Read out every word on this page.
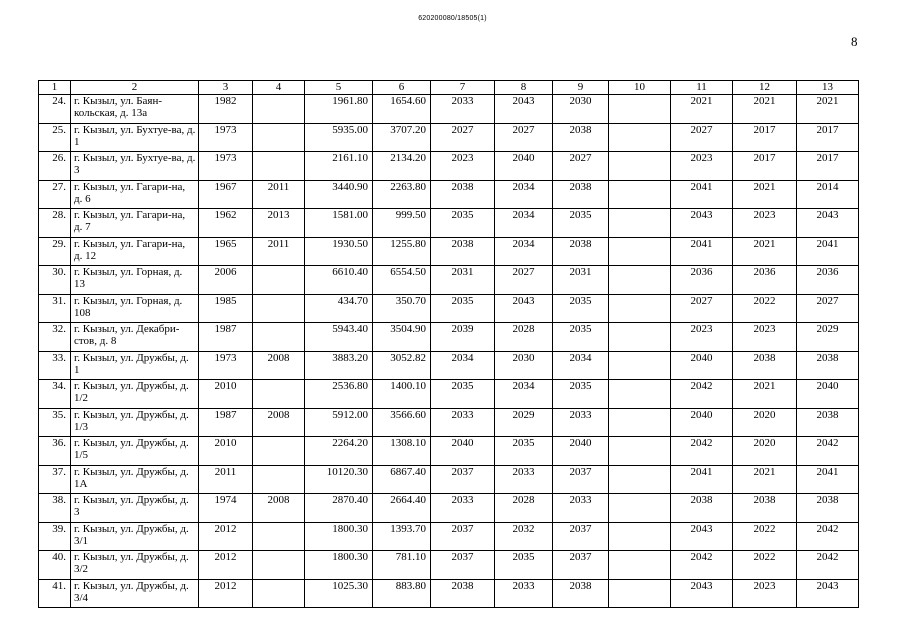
620200080/18505(1)
8
1	2	3	4	5	6	7	8	9	10	11	12	13
24.	г. Кызыл, ул. Баян-кольская, д. 13а	1982		1961.80	1654.60	2033	2043	2030		2021	2021	2021
25.	г. Кызыл, ул. Бухтуе-ва, д. 1	1973		5935.00	3707.20	2027	2027	2038		2027	2017	2017
26.	г. Кызыл, ул. Бухтуе-ва, д. 3	1973		2161.10	2134.20	2023	2040	2027		2023	2017	2017
27.	г. Кызыл, ул. Гагари-на, д. 6	1967	2011	3440.90	2263.80	2038	2034	2038		2041	2021	2014
28.	г. Кызыл, ул. Гагари-на, д. 7	1962	2013	1581.00	999.50	2035	2034	2035		2043	2023	2043
29.	г. Кызыл, ул. Гагари-на, д. 12	1965	2011	1930.50	1255.80	2038	2034	2038		2041	2021	2041
30.	г. Кызыл, ул. Горная, д. 13	2006		6610.40	6554.50	2031	2027	2031		2036	2036	2036
31.	г. Кызыл, ул. Горная, д. 108	1985		434.70	350.70	2035	2043	2035		2027	2022	2027
32.	г. Кызыл, ул. Декабри-стов, д. 8	1987		5943.40	3504.90	2039	2028	2035		2023	2023	2029
33.	г. Кызыл, ул. Дружбы, д. 1	1973	2008	3883.20	3052.82	2034	2030	2034		2040	2038	2038
34.	г. Кызыл, ул. Дружбы, д. 1/2	2010		2536.80	1400.10	2035	2034	2035		2042	2021	2040
35.	г. Кызыл, ул. Дружбы, д. 1/3	1987	2008	5912.00	3566.60	2033	2029	2033		2040	2020	2038
36.	г. Кызыл, ул. Дружбы, д. 1/5	2010		2264.20	1308.10	2040	2035	2040		2042	2020	2042
37.	г. Кызыл, ул. Дружбы, д. 1А	2011		10120.30	6867.40	2037	2033	2037		2041	2021	2041
38.	г. Кызыл, ул. Дружбы, д. 3	1974	2008	2870.40	2664.40	2033	2028	2033		2038	2038	2038
39.	г. Кызыл, ул. Дружбы, д. 3/1	2012		1800.30	1393.70	2037	2032	2037		2043	2022	2042
40.	г. Кызыл, ул. Дружбы, д. 3/2	2012		1800.30	781.10	2037	2035	2037		2042	2022	2042
41.	г. Кызыл, ул. Дружбы, д. 3/4	2012		1025.30	883.80	2038	2033	2038		2043	2023	2043
